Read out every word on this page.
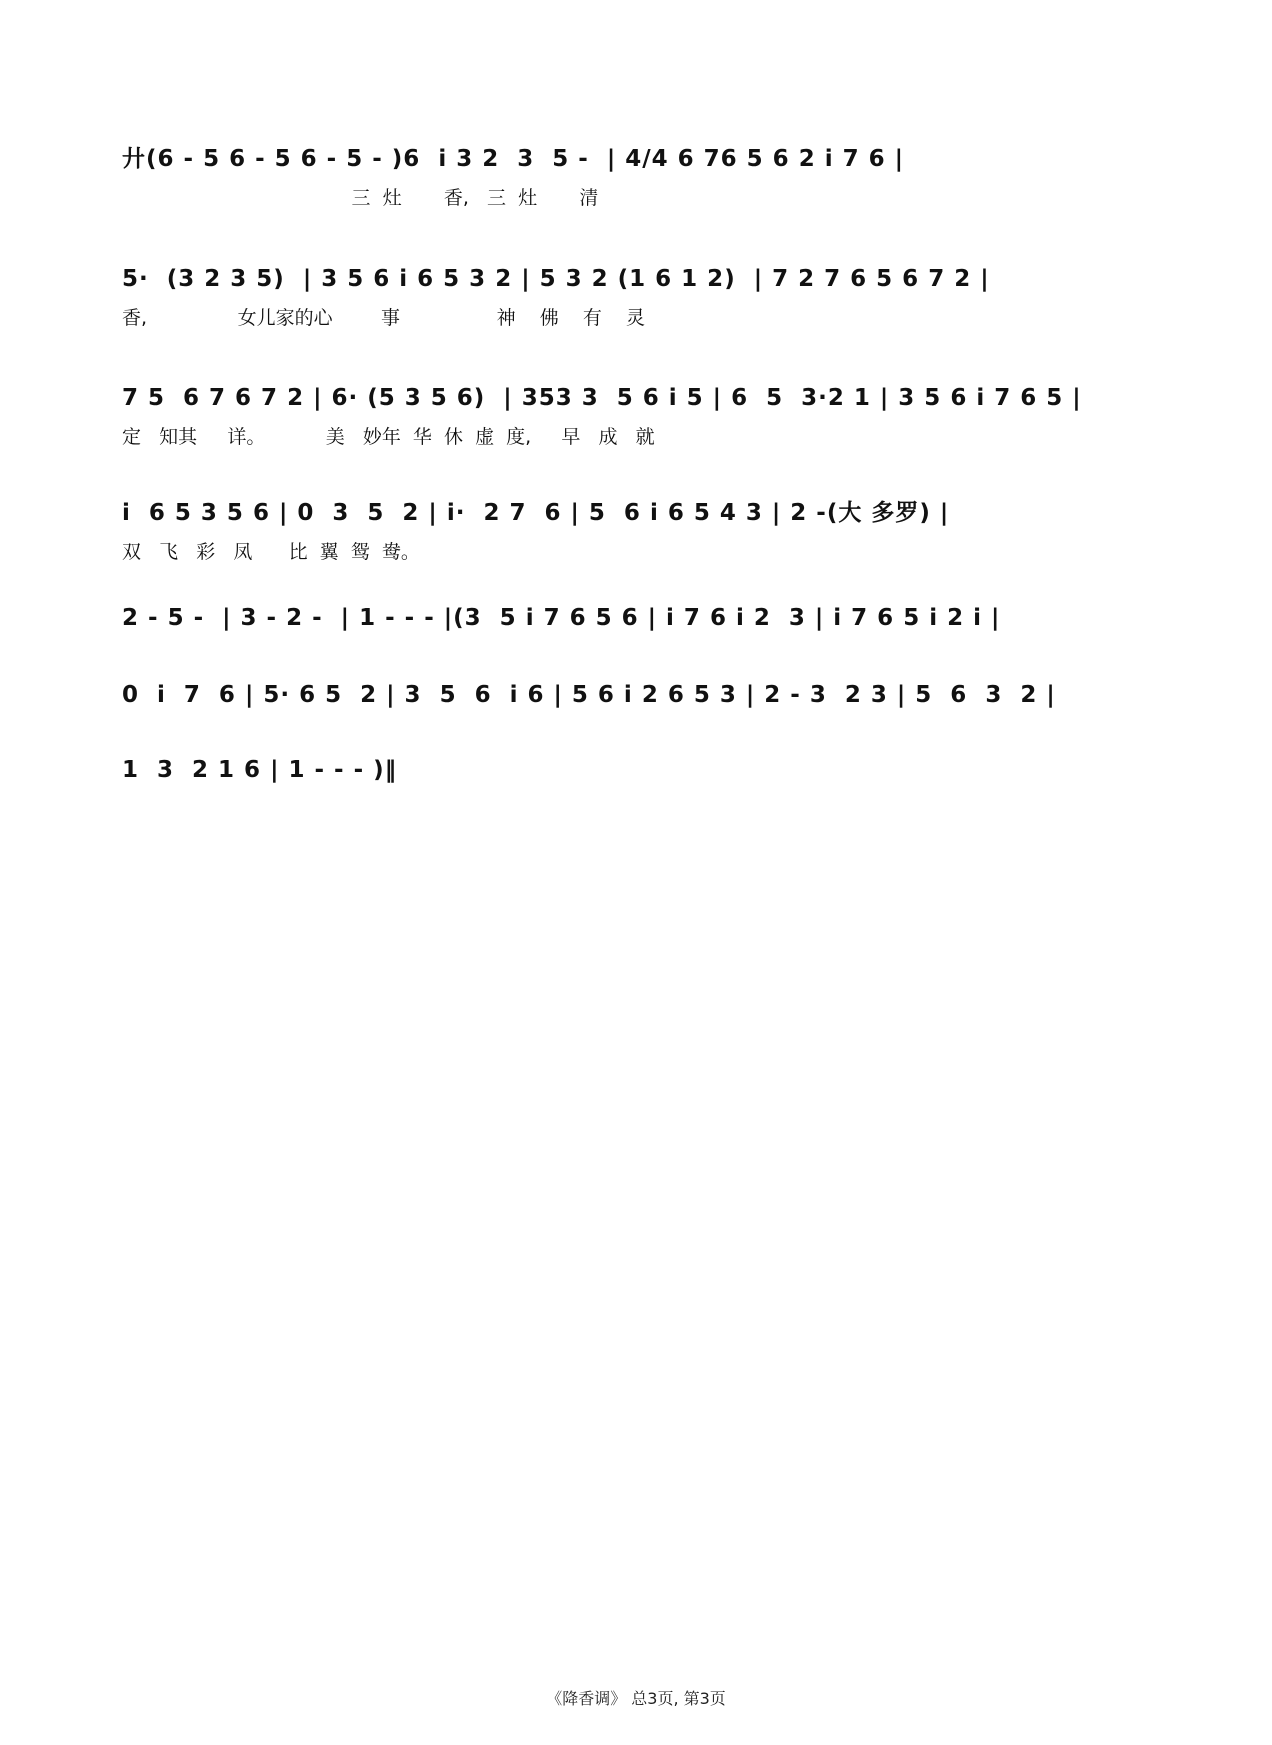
廾(6 - 5 6 - 5 6 - 5 - )6  i 3 2  3  5 -  | 4/4 6 76 5 6 2 i 7 6 |
三  灶       香,   三  灶       清
5·  (3 2 3 5)  | 3 5 6 i 6 5 3 2 | 5 3 2 (1 6 1 2)  | 7 2 7 6 5 6 7 2 |
香,               女儿家的心        事                神    佛    有    灵
7 5  6 7 6 7 2 | 6· (5 3 5 6)  | 353 3  5 6 i 5 | 6  5  3·2 1 | 3 5 6 i 7 6 5 |
定   知其     详。          美   妙年  华  休  虚  度,     早   成   就
i  6 5 3 5 6 | 0  3  5  2 | i·  2 7  6 | 5  6 i 6 5 4 3 | 2 -(大 多罗) |
双   飞   彩   凤      比  翼  鸳  鸯。
2 - 5 -  | 3 - 2 -  | 1 - - - |(3  5 i 7 6 5 6 | i 7 6 i 2  3 | i 7 6 5 i 2 i |
0  i  7  6 | 5· 6 5  2 | 3  5  6  i 6 | 5 6 i 2 6 5 3 | 2 - 3  2 3 | 5  6  3  2 |
1  3  2 1 6 | 1 - - - )‖
《降香调》 总3页, 第3页
